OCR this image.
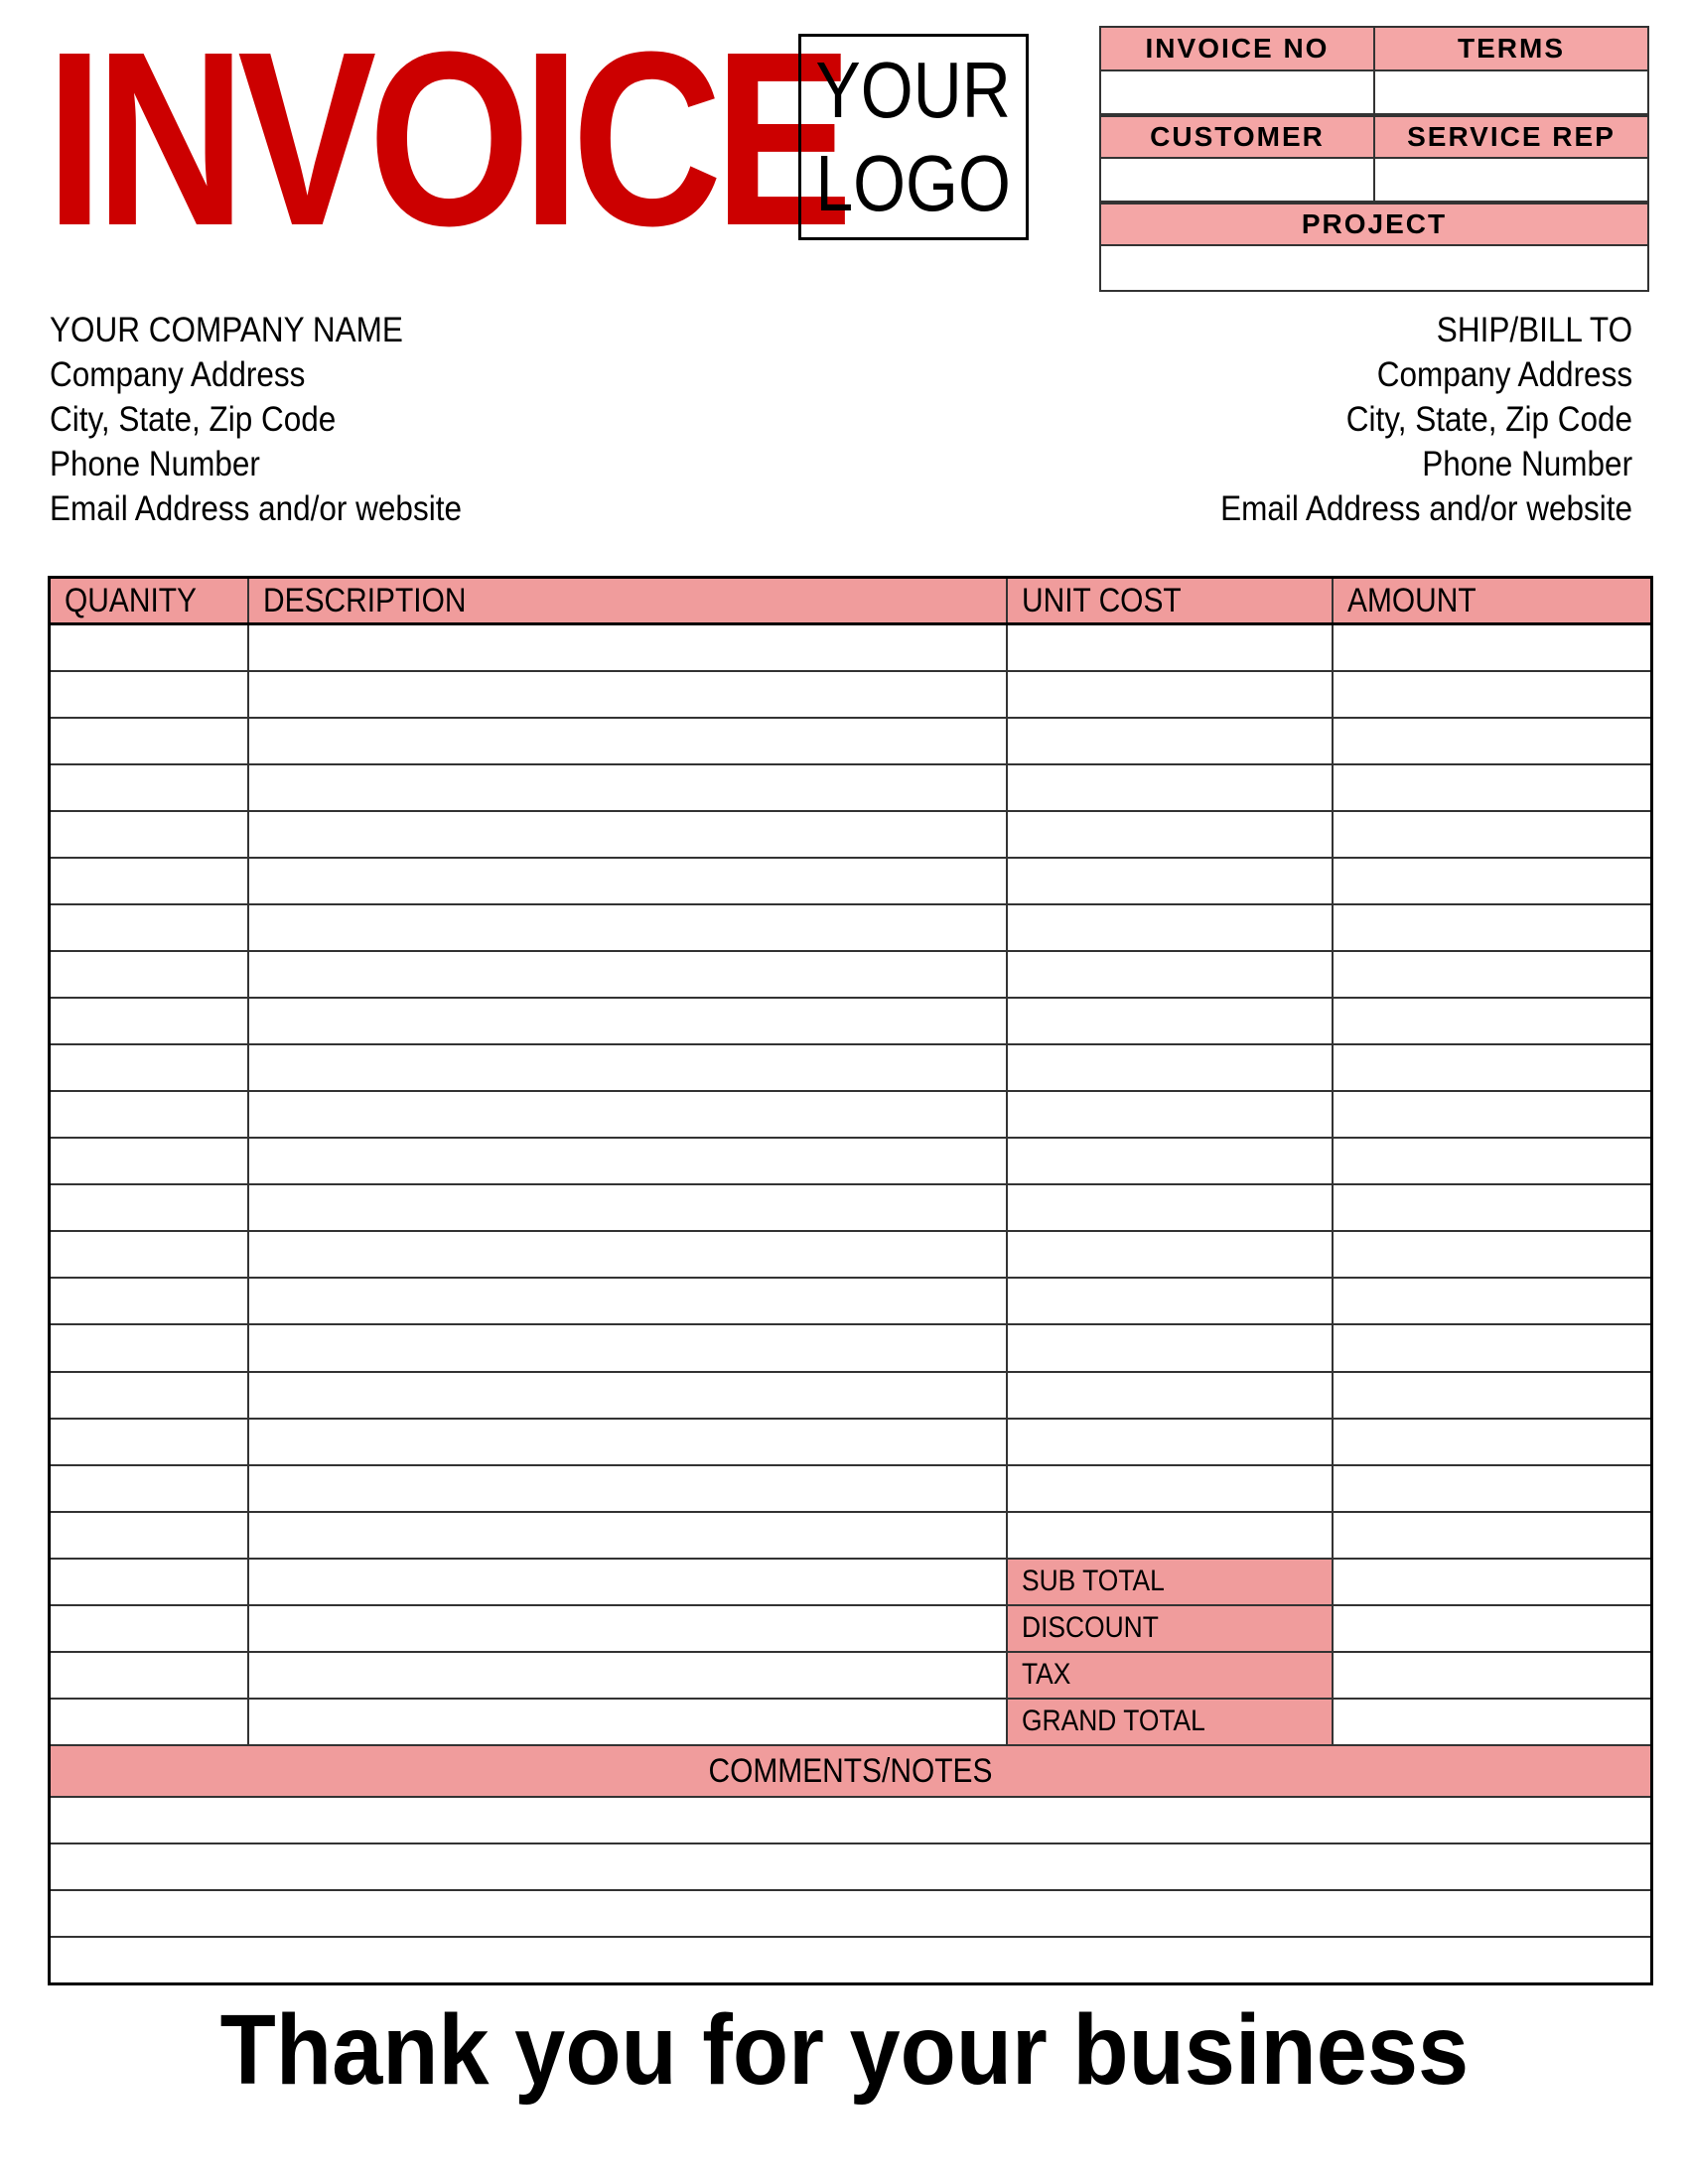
INVOICE
YOUR
LOGO
INVOICE NO	TERMS
CUSTOMER	SERVICE REP
PROJECT
YOUR COMPANY NAME
Company Address
City, State, Zip Code
Phone Number
Email Address and/or website
SHIP/BILL TO
Company Address
City, State, Zip Code
Phone Number
Email Address and/or website
QUANITY	DESCRIPTION	UNIT COST	AMOUNT

		SUB TOTAL	
		DISCOUNT	
		TAX	
		GRAND TOTAL	
COMMENTS/NOTES			

Thank you for your business
